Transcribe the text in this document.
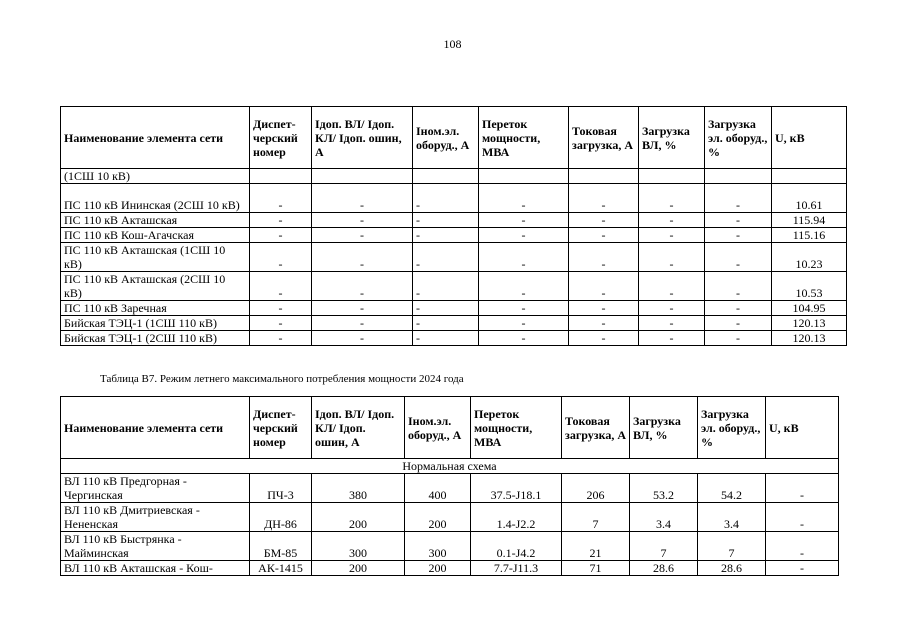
108
Наименование элемента сети	Диспет-черский номер	Iдоп. ВЛ/ Iдоп. КЛ/ Iдоп. ошин, А	Iном.эл. оборуд., А	Переток мощности, МВА	Токовая загрузка, А	Загрузка ВЛ, %	Загрузка эл. оборуд., %	U, кВ
(1СШ 10 кВ)								
ПС 110 кВ Ининская (2СШ 10 кВ)	-	-	-	-	-	-	-	10.61
ПС 110 кВ Акташская	-	-	-	-	-	-	-	115.94
ПС 110 кВ Кош-Агачская	-	-	-	-	-	-	-	115.16
ПС 110 кВ Акташская (1СШ 10 кВ)	-	-	-	-	-	-	-	10.23
ПС 110 кВ Акташская (2СШ 10 кВ)	-	-	-	-	-	-	-	10.53
ПС 110 кВ Заречная	-	-	-	-	-	-	-	104.95
Бийская ТЭЦ-1 (1СШ 110 кВ)	-	-	-	-	-	-	-	120.13
Бийская ТЭЦ-1 (2СШ 110 кВ)	-	-	-	-	-	-	-	120.13
Таблица В7. Режим летнего максимального потребления мощности 2024 года
Наименование элемента сети	Диспет-черский номер	Iдоп. ВЛ/ Iдоп. КЛ/ Iдоп. ошин, А	Iном.эл. оборуд., А	Переток мощности, МВА	Токовая загрузка, А	Загрузка ВЛ, %	Загрузка эл. оборуд., %	U, кВ
Нормальная схема								
ВЛ 110 кВ Предгорная - Чергинская	ПЧ-3	380	400	37.5-J18.1	206	53.2	54.2	-
ВЛ 110 кВ Дмитриевская - Нененская	ДН-86	200	200	1.4-J2.2	7	3.4	3.4	-
ВЛ 110 кВ Быстрянка - Майминская	БМ-85	300	300	0.1-J4.2	21	7	7	-
ВЛ 110 кВ Акташская - Кош-	АК-1415	200	200	7.7-J11.3	71	28.6	28.6	-
